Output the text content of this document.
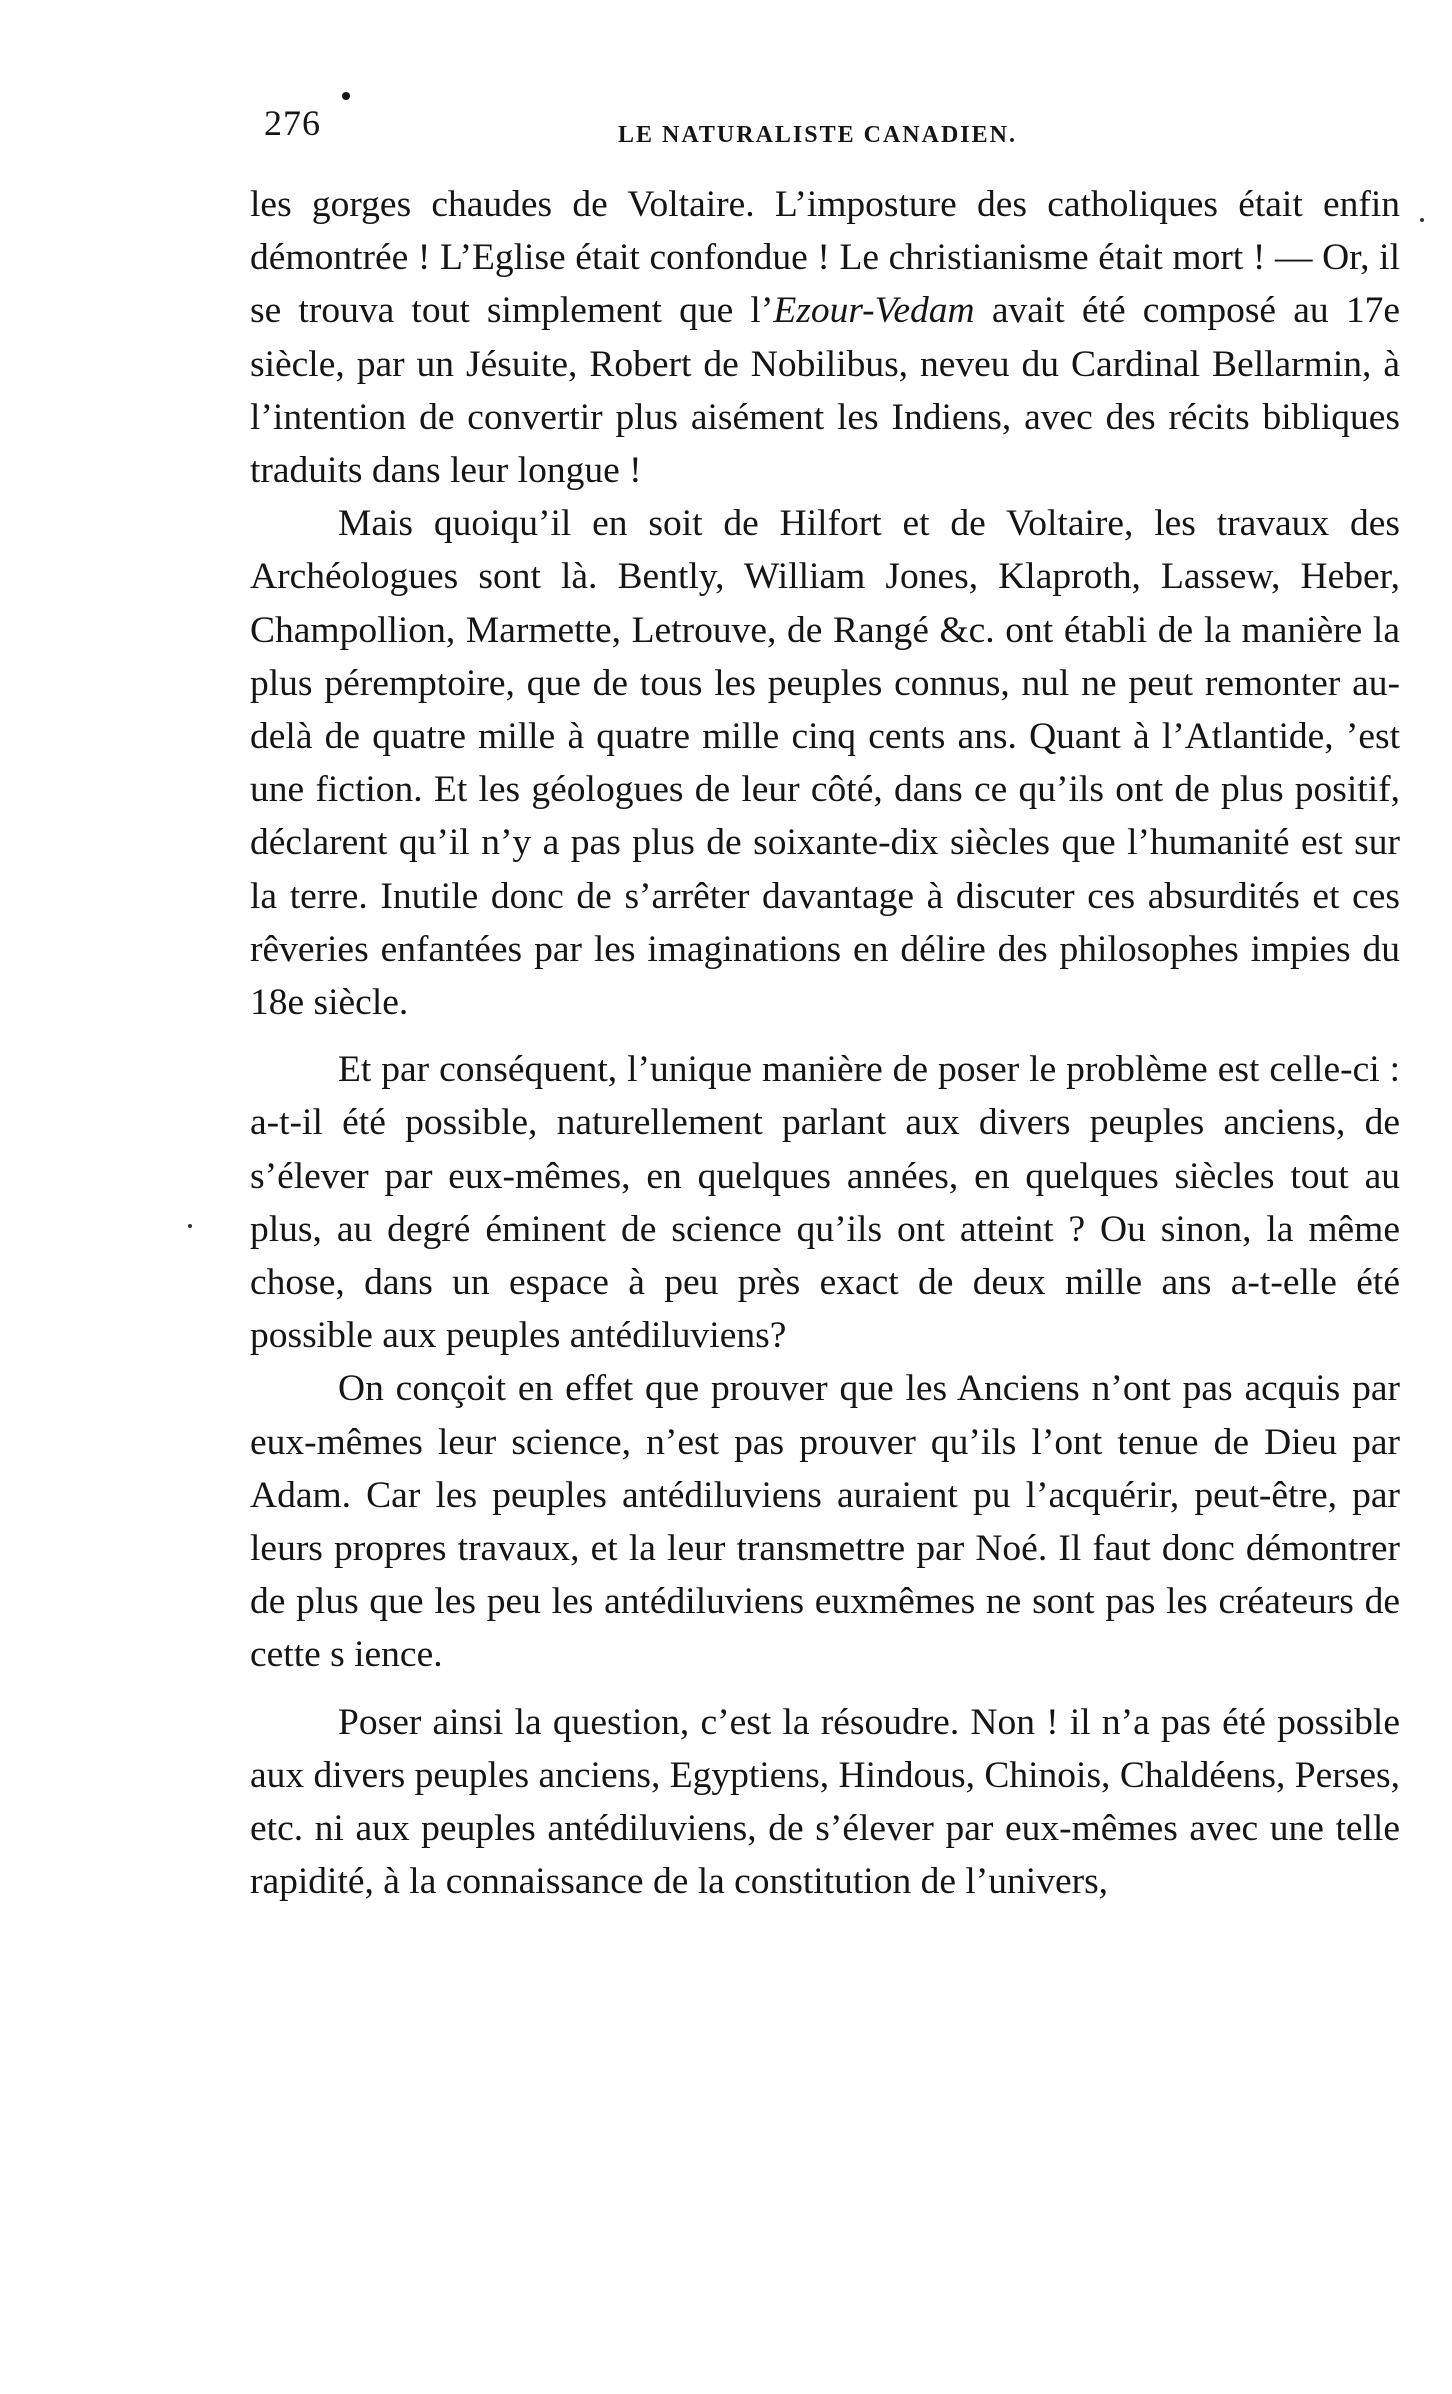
276	LE NATURALISTE CANADIEN.

les gorges chaudes de Voltaire. L’imposture des catholiques était enfin démontrée ! L’Eglise était confondue ! Le christianisme était mort ! — Or, il se trouva tout simplement que l’Ezour-Vedam avait été composé au 17e siècle, par un Jésuite, Robert de Nobilibus, neveu du Cardinal Bellarmin, à l’intention de convertir plus aisément les Indiens, avec des récits bibliques traduits dans leur longue !

Mais quoiqu’il en soit de Hilfort et de Voltaire, les travaux des Archéologues sont là. Bently, William Jones, Klaproth, Lassew, Heber, Champollion, Marmette, Letrouve, de Rangé &c. ont établi de la manière la plus péremptoire, que de tous les peuples connus, nul ne peut remonter au-delà de quatre mille à quatre mille cinq cents ans. Quant à l’Atlantide, ’est une fiction. Et les géologues de leur côté, dans ce qu’ils ont de plus positif, déclarent qu’il n’y a pas plus de soixante-dix siècles que l’humanité est sur la terre. Inutile donc de s’arrêter davantage à discuter ces absurdités et ces rêveries enfantées par les imaginations en délire des philosophes impies du 18e siècle.

Et par conséquent, l’unique manière de poser le problème est celle-ci : a-t-il été possible, naturellement parlant aux divers peuples anciens, de s’élever par eux-mêmes, en quelques années, en quelques siècles tout au plus, au degré éminent de science qu’ils ont atteint ? Ou sinon, la même chose, dans un espace à peu près exact de deux mille ans a-t-elle été possible aux peuples antédiluviens?

On conçoit en effet que prouver que les Anciens n’ont pas acquis par eux-mêmes leur science, n’est pas prouver qu’ils l’ont tenue de Dieu par Adam. Car les peuples antédiluviens auraient pu l’acquérir, peut-être, par leurs propres travaux, et la leur transmettre par Noé. Il faut donc démontrer de plus que les peu les antédiluviens euxmêmes ne sont pas les créateurs de cette s ience.

Poser ainsi la question, c’est la résoudre. Non ! il n’a pas été possible aux divers peuples anciens, Egyptiens, Hindous, Chinois, Chaldéens, Perses, etc. ni aux peuples antédiluviens, de s’élever par eux-mêmes avec une telle rapidité, à la connaissance de la constitution de l’univers,
